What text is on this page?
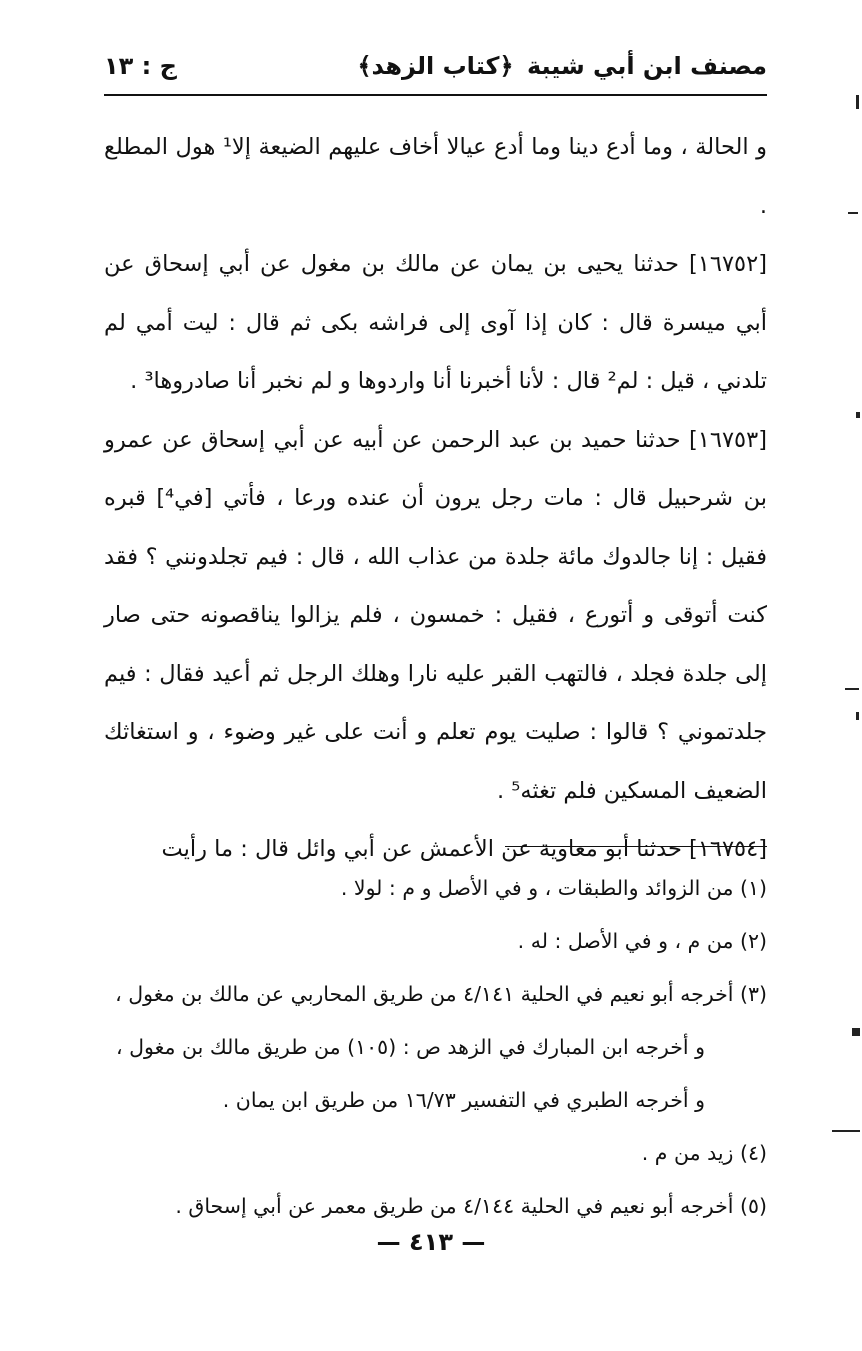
مصنف ابن أبي شيبة
﴿كتاب الزهد﴾
ج : ١٣

و الحالة ، وما أدع دينا وما أدع عيالا أخاف عليهم الضيعة إلا¹ هول المطلع .

[١٦٧٥٢] حدثنا يحيى بن يمان عن مالك بن مغول عن أبي إسحاق عن أبي ميسرة قال : كان إذا آوى إلى فراشه بكى ثم قال : ليت أمي لم تلدني ، قيل : لم² قال : لأنا أخبرنا أنا واردوها و لم نخبر أنا صادروها³ .

[١٦٧٥٣] حدثنا حميد بن عبد الرحمن عن أبيه عن أبي إسحاق عن عمرو بن شرحبيل قال : مات رجل يرون أن عنده ورعا ، فأتي [في⁴] قبره فقيل : إنا جالدوك مائة جلدة من عذاب الله ، قال : فيم تجلدونني ؟ فقد كنت أتوقى و أتورع ، فقيل : خمسون ، فلم يزالوا يناقصونه حتى صار إلى جلدة فجلد ، فالتهب القبر عليه نارا وهلك الرجل ثم أعيد فقال : فيم جلدتموني ؟ قالوا : صليت يوم تعلم و أنت على غير وضوء ، و استغاثك الضعيف المسكين فلم تغثه⁵ .

[١٦٧٥٤] حدثنا أبو معاوية عن الأعمش عن أبي وائل قال : ما رأيت

(١) من الزوائد والطبقات ، و في الأصل و م : لولا .

(٢) من م ، و في الأصل : له .

(٣) أخرجه أبو نعيم في الحلية ٤/١٤١ من طريق المحاربي عن مالك بن مغول ،

و أخرجه ابن المبارك في الزهد ص : (١٠٥) من طريق مالك بن مغول ،

و أخرجه الطبري في التفسير ١٦/٧٣ من طريق ابن يمان .

(٤) زيد من م .

(٥) أخرجه أبو نعيم في الحلية ٤/١٤٤ من طريق معمر عن أبي إسحاق .

— ٤١٣ —
